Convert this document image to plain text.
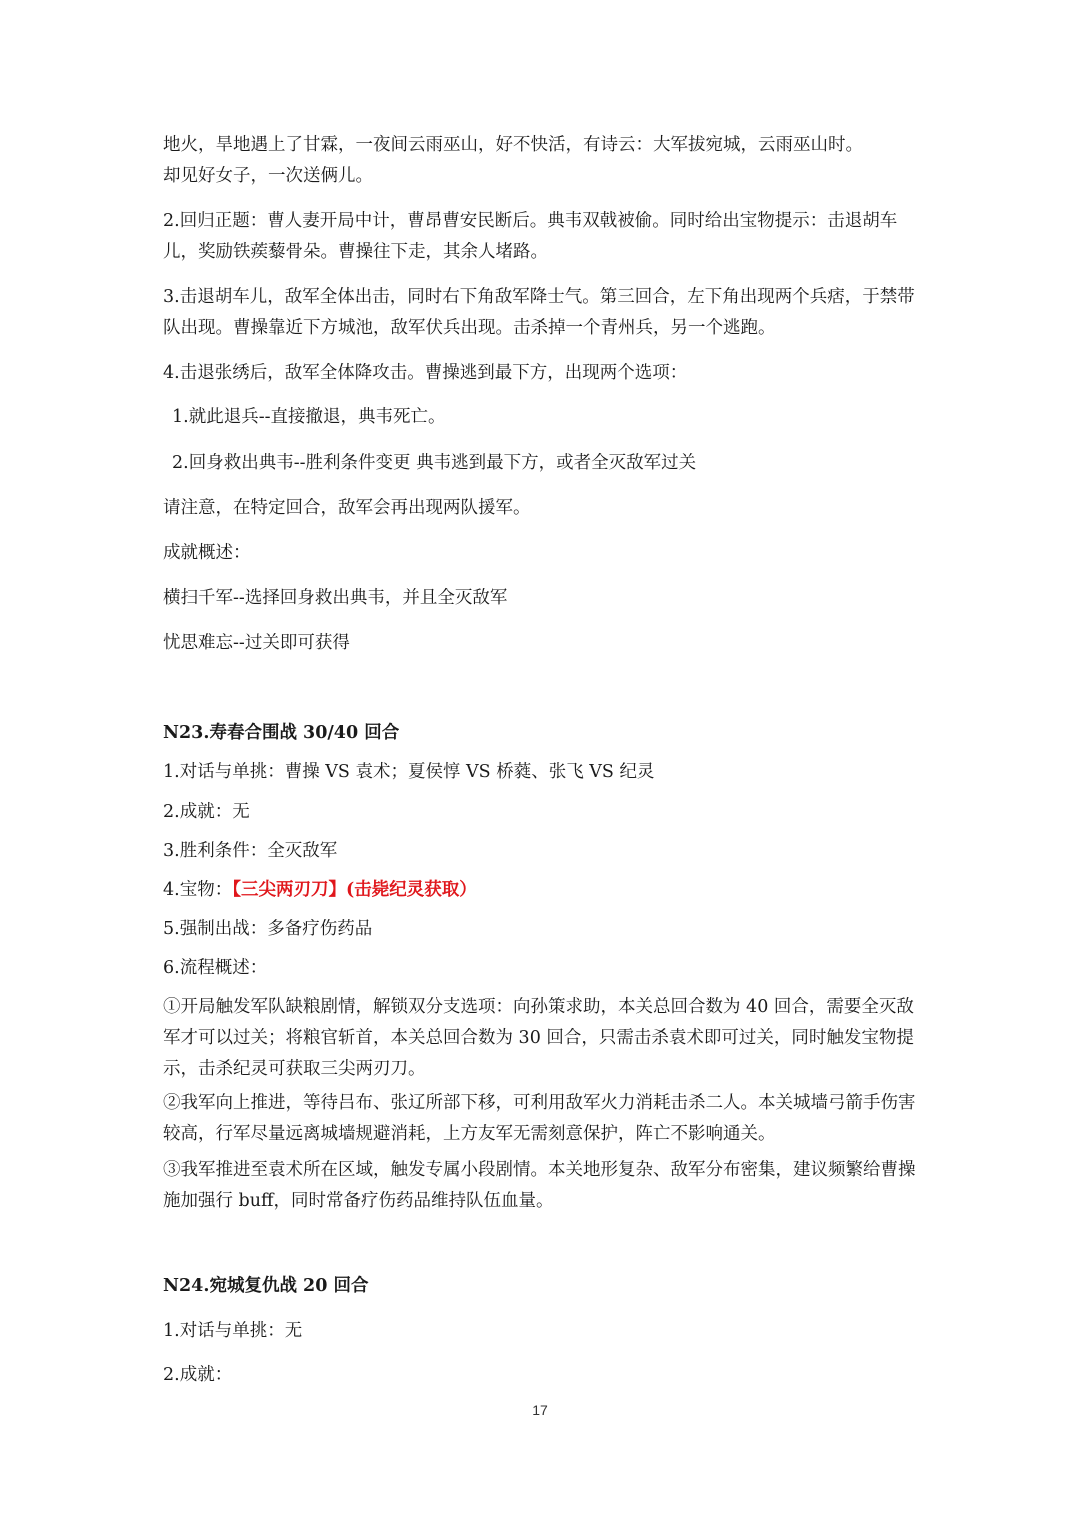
地火，旱地遇上了甘霖，一夜间云雨巫山，好不快活，有诗云：大军拔宛城，云雨巫山时。
却见好女子，一次送俩儿。

2.回归正题：曹人妻开局中计，曹昂曹安民断后。典韦双戟被偷。同时给出宝物提示：击退胡车儿，奖励铁蒺藜骨朵。曹操往下走，其余人堵路。

3.击退胡车儿，敌军全体出击，同时右下角敌军降士气。第三回合，左下角出现两个兵痞，于禁带队出现。曹操靠近下方城池，敌军伏兵出现。击杀掉一个青州兵，另一个逃跑。

4.击退张绣后，敌军全体降攻击。曹操逃到最下方，出现两个选项：

1.就此退兵--直接撤退，典韦死亡。

2.回身救出典韦--胜利条件变更 典韦逃到最下方，或者全灭敌军过关

请注意，在特定回合，敌军会再出现两队援军。

成就概述：

横扫千军--选择回身救出典韦，并且全灭敌军

忧思难忘--过关即可获得

N23.寿春合围战 30/40 回合

1.对话与单挑：曹操 VS 袁术；夏侯惇 VS 桥蕤、张飞 VS 纪灵

2.成就：无

3.胜利条件：全灭敌军

4.宝物：【三尖两刃刀】(击毙纪灵获取）

5.强制出战：多备疗伤药品

6.流程概述：

①开局触发军队缺粮剧情，解锁双分支选项：向孙策求助，本关总回合数为 40 回合，需要全灭敌军才可以过关；将粮官斩首，本关总回合数为 30 回合，只需击杀袁术即可过关，同时触发宝物提示，击杀纪灵可获取三尖两刃刀。

②我军向上推进，等待吕布、张辽所部下移，可利用敌军火力消耗击杀二人。本关城墙弓箭手伤害较高，行军尽量远离城墙规避消耗，上方友军无需刻意保护，阵亡不影响通关。

③我军推进至袁术所在区域，触发专属小段剧情。本关地形复杂、敌军分布密集，建议频繁给曹操施加强行 buff，同时常备疗伤药品维持队伍血量。

N24.宛城复仇战 20 回合

1.对话与单挑：无

2.成就：

17
